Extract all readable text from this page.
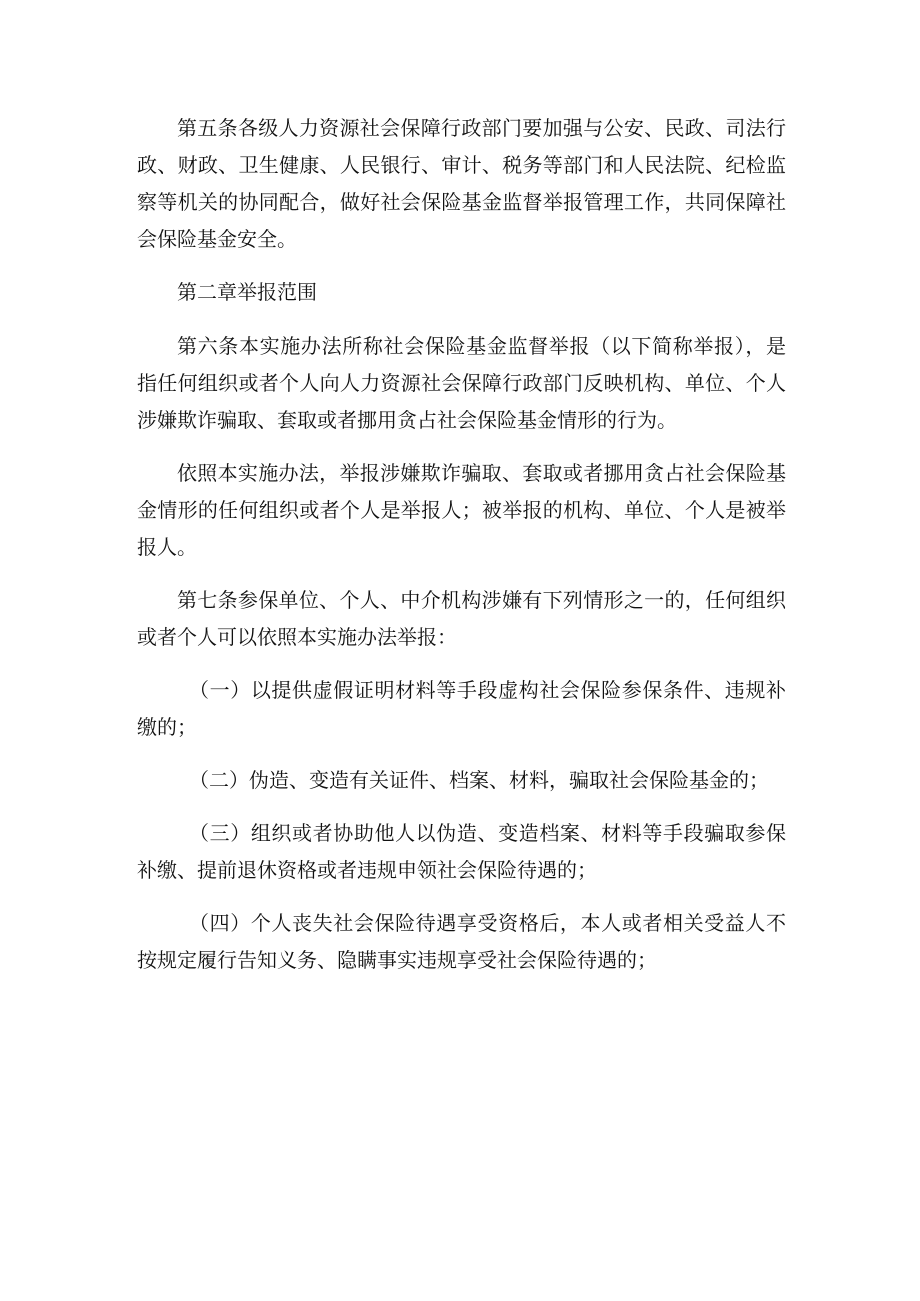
第五条各级人力资源社会保障行政部门要加强与公安、民政、司法行政、财政、卫生健康、人民银行、审计、税务等部门和人民法院、纪检监察等机关的协同配合，做好社会保险基金监督举报管理工作，共同保障社会保险基金安全。

第二章举报范围

第六条本实施办法所称社会保险基金监督举报（以下简称举报），是指任何组织或者个人向人力资源社会保障行政部门反映机构、单位、个人涉嫌欺诈骗取、套取或者挪用贪占社会保险基金情形的行为。

依照本实施办法，举报涉嫌欺诈骗取、套取或者挪用贪占社会保险基金情形的任何组织或者个人是举报人；被举报的机构、单位、个人是被举报人。

第七条参保单位、个人、中介机构涉嫌有下列情形之一的，任何组织或者个人可以依照本实施办法举报：

（一）以提供虚假证明材料等手段虚构社会保险参保条件、违规补缴的；

（二）伪造、变造有关证件、档案、材料，骗取社会保险基金的；

（三）组织或者协助他人以伪造、变造档案、材料等手段骗取参保补缴、提前退休资格或者违规申领社会保险待遇的；

（四）个人丧失社会保险待遇享受资格后，本人或者相关受益人不按规定履行告知义务、隐瞒事实违规享受社会保险待遇的；
